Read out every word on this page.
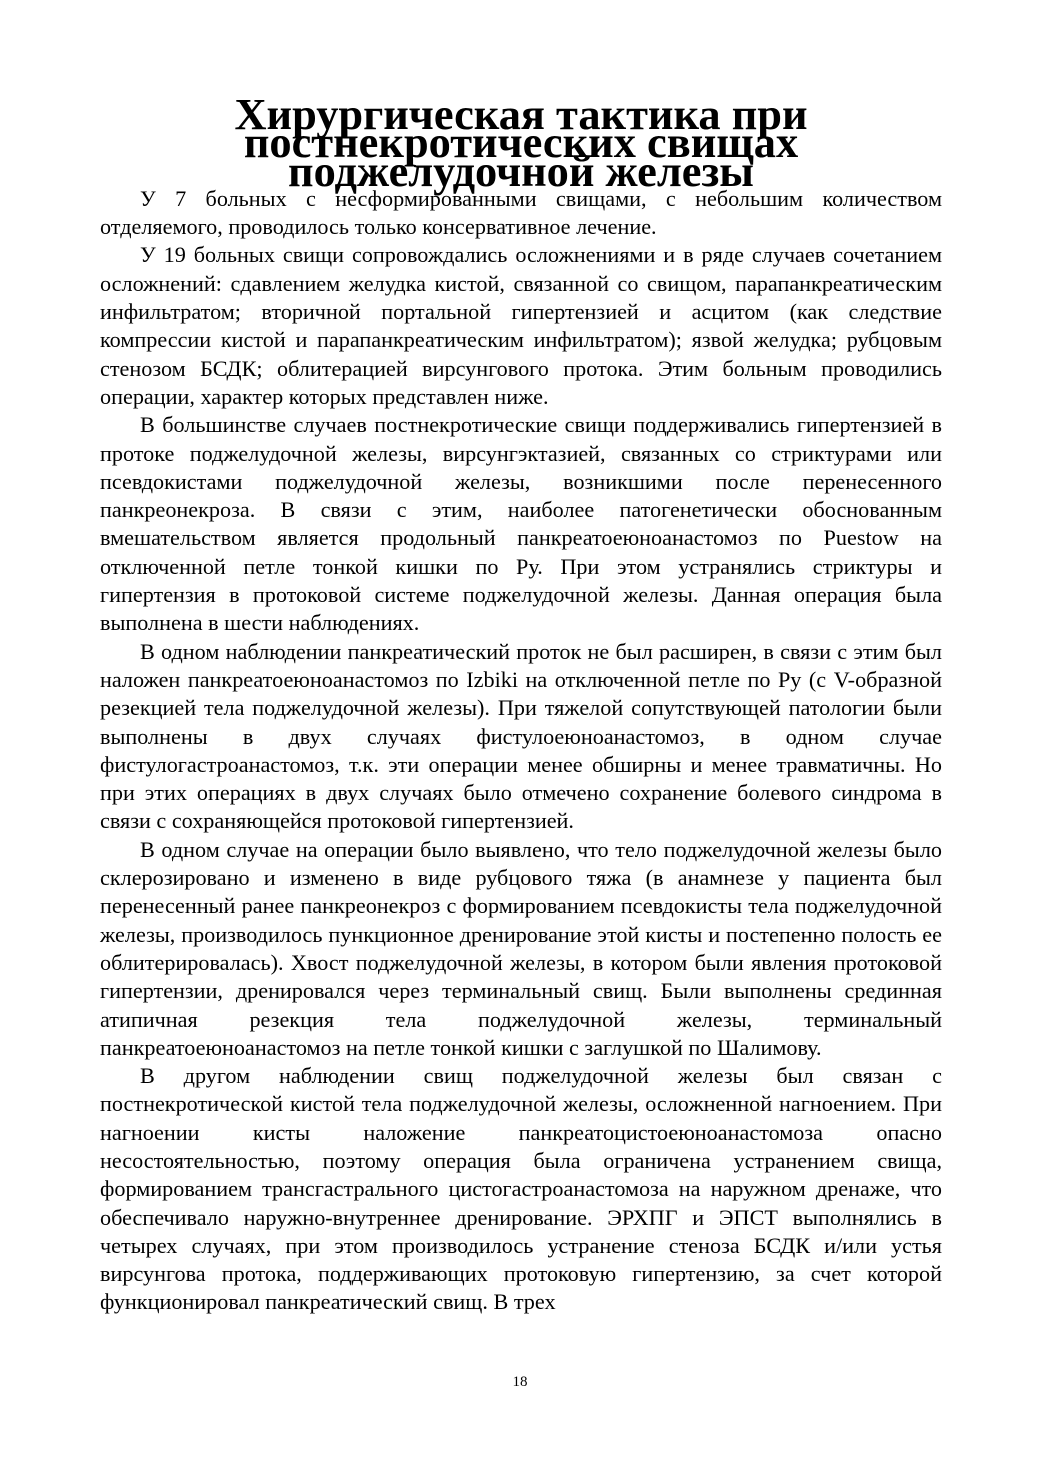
Хирургическая тактика при постнекротических свищах поджелудочной железы

У 7 больных с несформированными свищами, с небольшим количеством отделяемого, проводилось только консервативное лечение.

У 19 больных свищи сопровождались осложнениями и в ряде случаев сочетанием осложнений: сдавлением желудка кистой, связанной со свищом, парапанкреатическим инфильтратом; вторичной портальной гипертензией и асцитом (как следствие компрессии кистой и парапанкреатическим инфильтратом); язвой желудка; рубцовым стенозом БСДК; облитерацией вирсунгового протока. Этим больным проводились операции, характер которых представлен ниже.

В большинстве случаев постнекротические свищи поддерживались гипертензией в протоке поджелудочной железы, вирсунгэктазией, связанных со стриктурами или псевдокистами поджелудочной железы, возникшими после перенесенного панкреонекроза. В связи с этим, наиболее патогенетически обоснованным вмешательством является продольный панкреатоеюноанастомоз по Puestow на отключенной петле тонкой кишки по Ру. При этом устранялись стриктуры и гипертензия в протоковой системе поджелудочной железы. Данная операция была выполнена в шести наблюдениях.

В одном наблюдении панкреатический проток не был расширен, в связи с этим был наложен панкреатоеюноанастомоз по Izbiki на отключенной петле по Ру (с V-образной резекцией тела поджелудочной железы). При тяжелой сопутствующей патологии были выполнены в двух случаях фистулоеюноанастомоз, в одном случае фистулогастроанастомоз, т.к. эти операции менее обширны и менее травматичны. Но при этих операциях в двух случаях было отмечено сохранение болевого синдрома в связи с сохраняющейся протоковой гипертензией.

В одном случае на операции было выявлено, что тело поджелудочной железы было склерозировано и изменено в виде рубцового тяжа (в анамнезе у пациента был перенесенный ранее панкреонекроз с формированием псевдокисты тела поджелудочной железы, производилось пункционное дренирование этой кисты и постепенно полость ее облитерировалась). Хвост поджелудочной железы, в котором были явления протоковой гипертензии, дренировался через терминальный свищ. Были выполнены срединная атипичная резекция тела поджелудочной железы, терминальный панкреатоеюноанастомоз на петле тонкой кишки с заглушкой по Шалимову.

В другом наблюдении свищ поджелудочной железы был связан с постнекротической кистой тела поджелудочной железы, осложненной нагноением. При нагноении кисты наложение панкреатоцистоеюноанастомоза опасно несостоятельностью, поэтому операция была ограничена устранением свища, формированием трансгастрального цистогастроанастомоза на наружном дренаже, что обеспечивало наружно-внутреннее дренирование. ЭРХПГ и ЭПСТ выполнялись в четырех случаях, при этом производилось устранение стеноза БСДК и/или устья вирсунгова протока, поддерживающих протоковую гипертензию, за счет которой функционировал панкреатический свищ. В трех

18
